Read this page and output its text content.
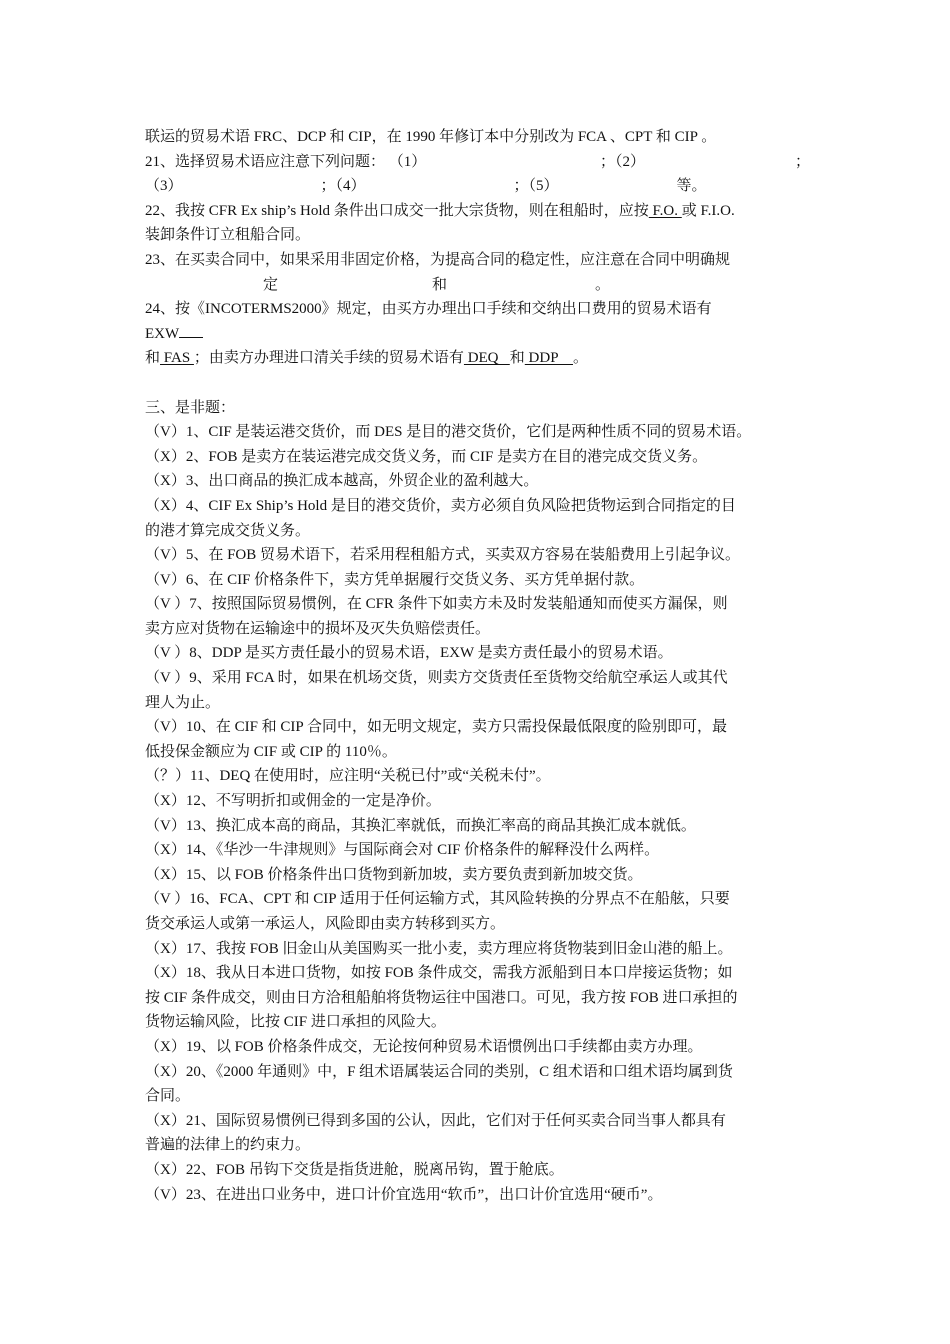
联运的贸易术语 FRC、DCP 和 CIP，在 1990 年修订本中分别改为 FCA 、CPT 和 CIP 。
21、选择贸易术语应注意下列问题： （1）	；（2）	；
（3）	；（4）	；（5）	等。
22、我按 CFR Ex ship’s Hold 条件出口成交一批大宗货物，则在租船时，应按 F.O. 或 F.I.O.
装卸条件订立租船合同。
23、在买卖合同中，如果采用非固定价格，为提高合同的稳定性，应注意在合同中明确规
定	和	。
24、按《INCOTERMS2000》规定，由买方办理出口手续和交纳出口费用的贸易术语有
EXW
和 FAS ；由卖方办理进口清关手续的贸易术语有 DEQ   和 DDP    。
三、是非题：
（V）1、CIF 是装运港交货价，而 DES 是目的港交货价，它们是两种性质不同的贸易术语。
（X）2、FOB 是卖方在装运港完成交货义务，而 CIF 是卖方在目的港完成交货义务。
（X）3、出口商品的换汇成本越高，外贸企业的盈利越大。
（X）4、CIF Ex Ship’s Hold 是目的港交货价，卖方必须自负风险把货物运到合同指定的目
的港才算完成交货义务。
（V）5、在 FOB 贸易术语下，若采用程租船方式，买卖双方容易在装船费用上引起争议。
（V）6、在 CIF 价格条件下，卖方凭单据履行交货义务、买方凭单据付款。
（V ）7、按照国际贸易惯例，在 CFR 条件下如卖方未及时发装船通知而使买方漏保，则
卖方应对货物在运输途中的损坏及灭失负赔偿责任。
（V ）8、DDP 是买方责任最小的贸易术语，EXW 是卖方责任最小的贸易术语。
（V ）9、采用 FCA 时，如果在机场交货，则卖方交货责任至货物交给航空承运人或其代
理人为止。
（V）10、在 CIF 和 CIP 合同中，如无明文规定，卖方只需投保最低限度的险别即可，最
低投保金额应为 CIF 或 CIP 的 110％。
（？）11、DEQ 在使用时，应注明“关税已付”或“关税未付”。
（X）12、不写明折扣或佣金的一定是净价。
（V）13、换汇成本高的商品，其换汇率就低，而换汇率高的商品其换汇成本就低。
（X）14、《华沙一牛津规则》与国际商会对 CIF 价格条件的解释没什么两样。
（X）15、以 FOB 价格条件出口货物到新加坡，卖方要负责到新加坡交货。
（V ）16、FCA、CPT 和 CIP 适用于任何运输方式，其风险转换的分界点不在船舷，只要
货交承运人或第一承运人，风险即由卖方转移到买方。
（X）17、我按 FOB 旧金山从美国购买一批小麦，卖方理应将货物装到旧金山港的船上。
（X）18、我从日本进口货物，如按 FOB 条件成交，需我方派船到日本口岸接运货物；如
按 CIF 条件成交，则由日方洽租船舶将货物运往中国港口。可见，我方按 FOB 进口承担的
货物运输风险，比按 CIF 进口承担的风险大。
（X）19、以 FOB 价格条件成交，无论按何种贸易术语惯例出口手续都由卖方办理。
（X）20、《2000 年通则》中，F 组术语属装运合同的类别，C 组术语和口组术语均属到货
合同。
（X）21、国际贸易惯例已得到多国的公认，因此，它们对于任何买卖合同当事人都具有
普遍的法律上的约束力。
（X）22、FOB 吊钩下交货是指货进舱，脱离吊钩，置于舱底。
（V）23、在进出口业务中，进口计价宜选用“软币”，出口计价宜选用“硬币”。
